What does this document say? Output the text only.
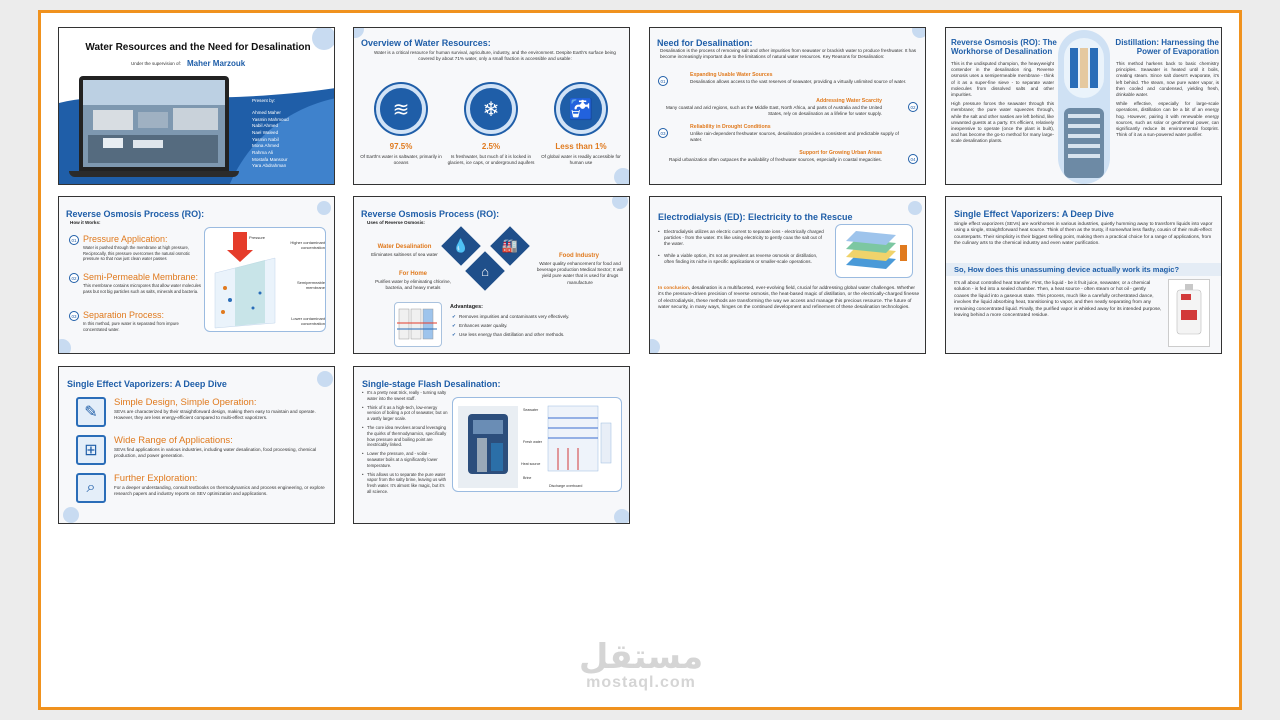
Water Resources and the Need for Desalination
Under the supervision of: Maher Marzouk
Present by:
Ahmed Maher
Yasmin Mahmoud
Nabil Ahmed
Nael Waleed
Yasmin Nabil
Mona Ahmed
Rahma Ali
Mostafa Mansour
Yara Abdrahman
Overview of Water Resources:
Water is a critical resource for human survival, agriculture, industry, and the environment. Despite Earth's surface being covered by about 71% water, only a small fraction is accessible and usable:
≋
97.5%
Of Earth's water is saltwater, primarily in oceans
❄
2.5%
Is freshwater, but much of it is locked in glaciers, ice caps, or underground aquifers
🚰
Less than 1%
Of global water is readily accessible for human use
Need for Desalination:
Desalination is the process of removing salt and other impurities from seawater or brackish water to produce freshwater. It has become increasingly important due to the limitations of natural water resources. Key Reasons for Desalination:
01
Expanding Usable Water Sources
Desalination allows access to the vast reserves of seawater, providing a virtually unlimited source of water.
02
Addressing Water Scarcity
Many coastal and arid regions, such as the Middle East, North Africa, and parts of Australia and the United States, rely on desalination as a lifeline for water supply.
03
Reliability in Drought Conditions
Unlike rain-dependent freshwater sources, desalination provides a consistent and predictable supply of water.
04
Support for Growing Urban Areas
Rapid urbanization often outpaces the availability of freshwater sources, especially in coastal megacities.
Reverse Osmosis (RO): The Workhorse of Desalination
Distillation: Harnessing the Power of Evaporation
This is the undisputed champion, the heavyweight contender in the desalination ring. Reverse osmosis uses a semipermeable membrane - think of it as a super-fine sieve - to separate water molecules from dissolved salts and other impurities.
High pressure forces the seawater through this membrane; the pure water squeezes through, while the salt and other nasties are left behind, like unwanted guests at a party. It's efficient, relatively inexpensive to operate (once the plant is built), and has become the go-to method for many large-scale desalination plants.
This method harkens back to basic chemistry principles. Seawater is heated until it boils, creating steam. Since salt doesn't evaporate, it's left behind. The steam, now pure water vapor, is then cooled and condensed, yielding fresh, drinkable water.
While effective, especially for large-scale operations, distillation can be a bit of an energy hog. However, pairing it with renewable energy sources, such as solar or geothermal power, can significantly reduce its environmental footprint. Think of it as a sun-powered water purifier.
Reverse Osmosis Process (RO):
How it Works:
01 Pressure Application:
Water is pushed through the membrane at high pressure, Reciprocally, this pressure overcomes the natural osmotic pressure so that now just clean water passes
02 Semi-Permeable Membrane:
This membrane contains micropores that allow water molecules pass but not big particles such as salts, minerals and bacteria.
03 Separation Process:
In this method, pure water is separated from impure concentrated water.
Pressure
Higher contaminant concentration
Semipermeable membrane
Lower contaminant concentration
Reverse Osmosis Process (RO):
Uses of Reverse Osmosis:
💧	🏭
⌂
Water Desalination
Eliminates saltiness of sea water
For Home
Purifies water by eliminating chlorine, bacteria, and heavy metals
Food Industry
Water quality enhancement for food and beverage production Medical Sector; It will yield pure water that is used for drugs manufacture
Advantages:
✔ Removes impurities and contaminants very effectively.
✔ Enhances water quality.
✔ Use less energy than distillation and other methods.
Electrodialysis (ED): Electricity to the Rescue
• Electrodialysis utilizes an electric current to separate ions - electrically charged particles - from the water. It's like using electricity to gently coax the salt out of the water.
• While a viable option, it's not as prevalent as reverse osmosis or distillation, often finding its niche in specific applications or smaller-scale operations.
In conclusion, desalination is a multifaceted, ever-evolving field, crucial for addressing global water challenges. Whether it's the pressure-driven precision of reverse osmosis, the heat-based magic of distillation, or the electrically-charged finesse of electrodialysis, these methods are transforming the way we access and manage this precious resource. The future of water security, in many ways, hinges on the continued development and refinement of these desalination technologies.
Single Effect Vaporizers: A Deep Dive
Single effect vaporizers (SEVs) are workhorses in various industries, quietly humming away to transform liquids into vapor using a single, straightforward heat source. Think of them as the trusty, if somewhat less flashy, cousin of their multi-effect counterparts. Their simplicity is their biggest selling point, making them a practical choice for a range of applications, from the culinary arts to the chemical industry and even water purification.
So, How does this unassuming device actually work its magic?
It's all about controlled heat transfer. First, the liquid - be it fruit juice, seawater, or a chemical solution - is fed into a sealed chamber. Then, a heat source - often steam or hot oil - gently coaxes the liquid into a gaseous state. This process, much like a carefully orchestrated dance, involves the liquid absorbing heat, transitioning to vapor, and then neatly separating from any remaining concentrated liquid. Finally, the purified vapor is whisked away for its intended purpose, leaving behind a more concentrated residue.
Single Effect Vaporizers: A Deep Dive
✎
Simple Design, Simple Operation:
SEVs are characterized by their straightforward design, making them easy to maintain and operate. However, they are less energy-efficient compared to multi-effect vaporizers.
⊞
Wide Range of Applications:
SEVs find applications in various industries, including water desalination, food processing, chemical production, and power generation.
⌕
Further Exploration:
For a deeper understanding, consult textbooks on thermodynamics and process engineering, or explore research papers and industry reports on SEV optimization and applications.
Single-stage Flash Desalination:
• It's a pretty neat trick, really - turning salty water into the sweet stuff.
• Think of it as a high-tech, low-energy version of boiling a pot of seawater, but on a vastly larger scale.
• The core idea revolves around leveraging the quirks of thermodynamics, specifically how pressure and boiling point are inextricably linked.
• Lower the pressure, and - voila! - seawater boils at a significantly lower temperature.
• This allows us to separate the pure water vapor from the salty brine, leaving us with fresh water. It's almost like magic, but it's all science.
Seawater
Fresh water
Heat source
Brine
Discharge overboard
مستقل
mostaql.com
